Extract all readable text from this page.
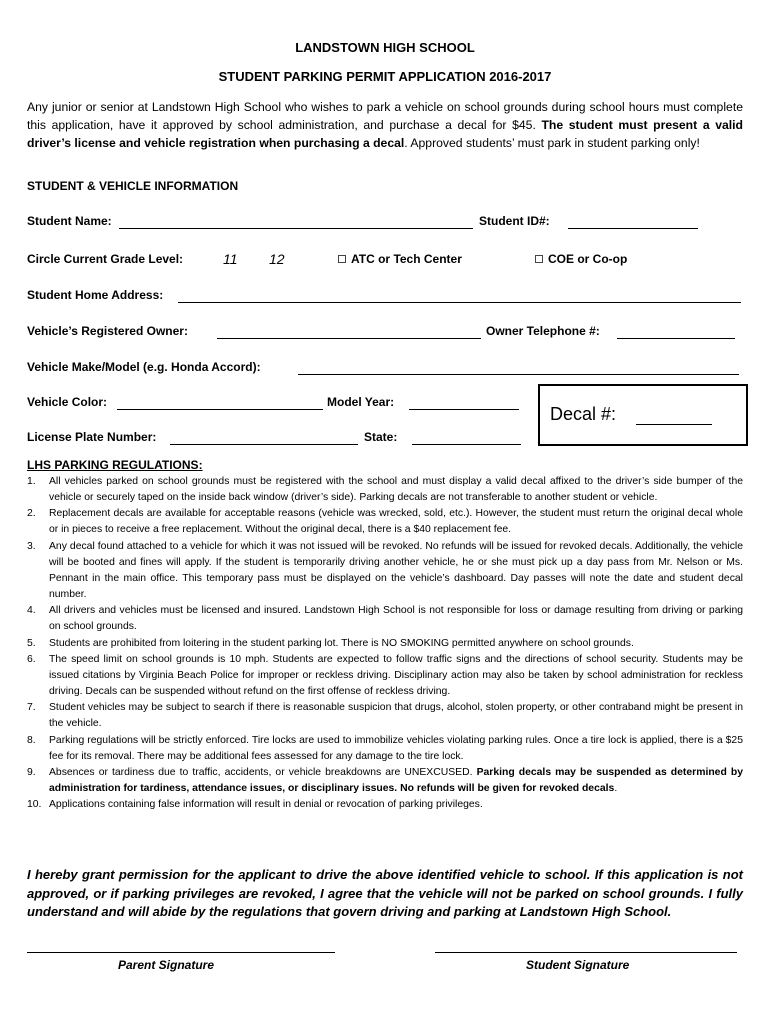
LANDSTOWN HIGH SCHOOL
STUDENT PARKING PERMIT APPLICATION 2016-2017
Any junior or senior at Landstown High School who wishes to park a vehicle on school grounds during school hours must complete this application, have it approved by school administration, and purchase a decal for $45. The student must present a valid driver’s license and vehicle registration when purchasing a decal. Approved students’ must park in student parking only!
STUDENT & VEHICLE INFORMATION
Student Name:	Student ID#:
Circle Current Grade Level:	11 12	ATC or Tech Center	COE or Co-op
Student Home Address:
Vehicle’s Registered Owner:	Owner Telephone #:
Vehicle Make/Model (e.g. Honda Accord):
Vehicle Color:	Model Year:
License Plate Number:	State:
Decal #:
LHS PARKING REGULATIONS:
1. All vehicles parked on school grounds must be registered with the school and must display a valid decal affixed to the driver’s side bumper of the vehicle or securely taped on the inside back window (driver’s side). Parking decals are not transferable to another student or vehicle.
2. Replacement decals are available for acceptable reasons (vehicle was wrecked, sold, etc.). However, the student must return the original decal whole or in pieces to receive a free replacement. Without the original decal, there is a $40 replacement fee.
3. Any decal found attached to a vehicle for which it was not issued will be revoked. No refunds will be issued for revoked decals. Additionally, the vehicle will be booted and fines will apply. If the student is temporarily driving another vehicle, he or she must pick up a day pass from Mr. Nelson or Ms. Pennant in the main office. This temporary pass must be displayed on the vehicle’s dashboard. Day passes will note the date and student decal number.
4. All drivers and vehicles must be licensed and insured. Landstown High School is not responsible for loss or damage resulting from driving or parking on school grounds.
5. Students are prohibited from loitering in the student parking lot. There is NO SMOKING permitted anywhere on school grounds.
6. The speed limit on school grounds is 10 mph. Students are expected to follow traffic signs and the directions of school security. Students may be issued citations by Virginia Beach Police for improper or reckless driving. Disciplinary action may also be taken by school administration for reckless driving. Decals can be suspended without refund on the first offense of reckless driving.
7. Student vehicles may be subject to search if there is reasonable suspicion that drugs, alcohol, stolen property, or other contraband might be present in the vehicle.
8. Parking regulations will be strictly enforced. Tire locks are used to immobilize vehicles violating parking rules. Once a tire lock is applied, there is a $25 fee for its removal. There may be additional fees assessed for any damage to the tire lock.
9. Absences or tardiness due to traffic, accidents, or vehicle breakdowns are UNEXCUSED. Parking decals may be suspended as determined by administration for tardiness, attendance issues, or disciplinary issues. No refunds will be given for revoked decals.
10. Applications containing false information will result in denial or revocation of parking privileges.
I hereby grant permission for the applicant to drive the above identified vehicle to school. If this application is not approved, or if parking privileges are revoked, I agree that the vehicle will not be parked on school grounds. I fully understand and will abide by the regulations that govern driving and parking at Landstown High School.
Parent Signature	Student Signature
